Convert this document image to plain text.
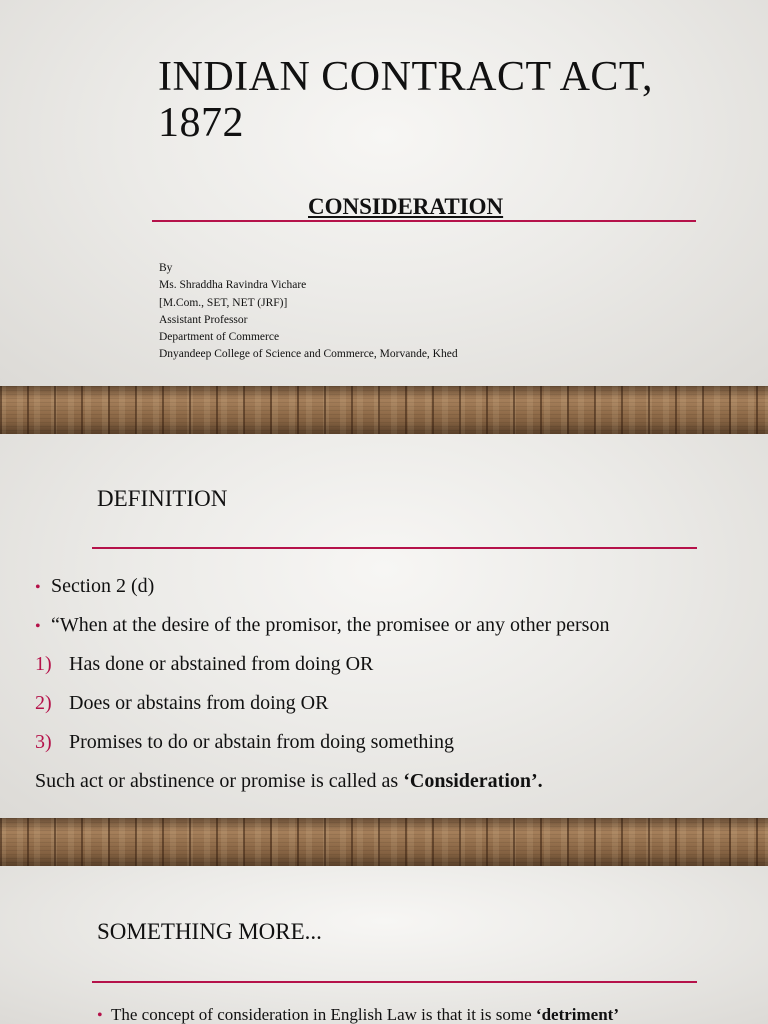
INDIAN CONTRACT ACT,
1872
CONSIDERATION
By
Ms. Shraddha Ravindra Vichare
[M.Com., SET, NET (JRF)]
Assistant Professor
Department of Commerce
Dnyandeep College of Science and Commerce, Morvande, Khed
DEFINITION
• Section 2 (d)
• “When at the desire of the promisor, the promisee or any other person
1) Has done or abstained from doing OR
2) Does or abstains from doing OR
3) Promises to do or abstain from doing something
Such act or abstinence or promise is called as ‘Consideration’.
SOMETHING MORE...
• The concept of consideration in English Law is that it is some ‘detriment’
